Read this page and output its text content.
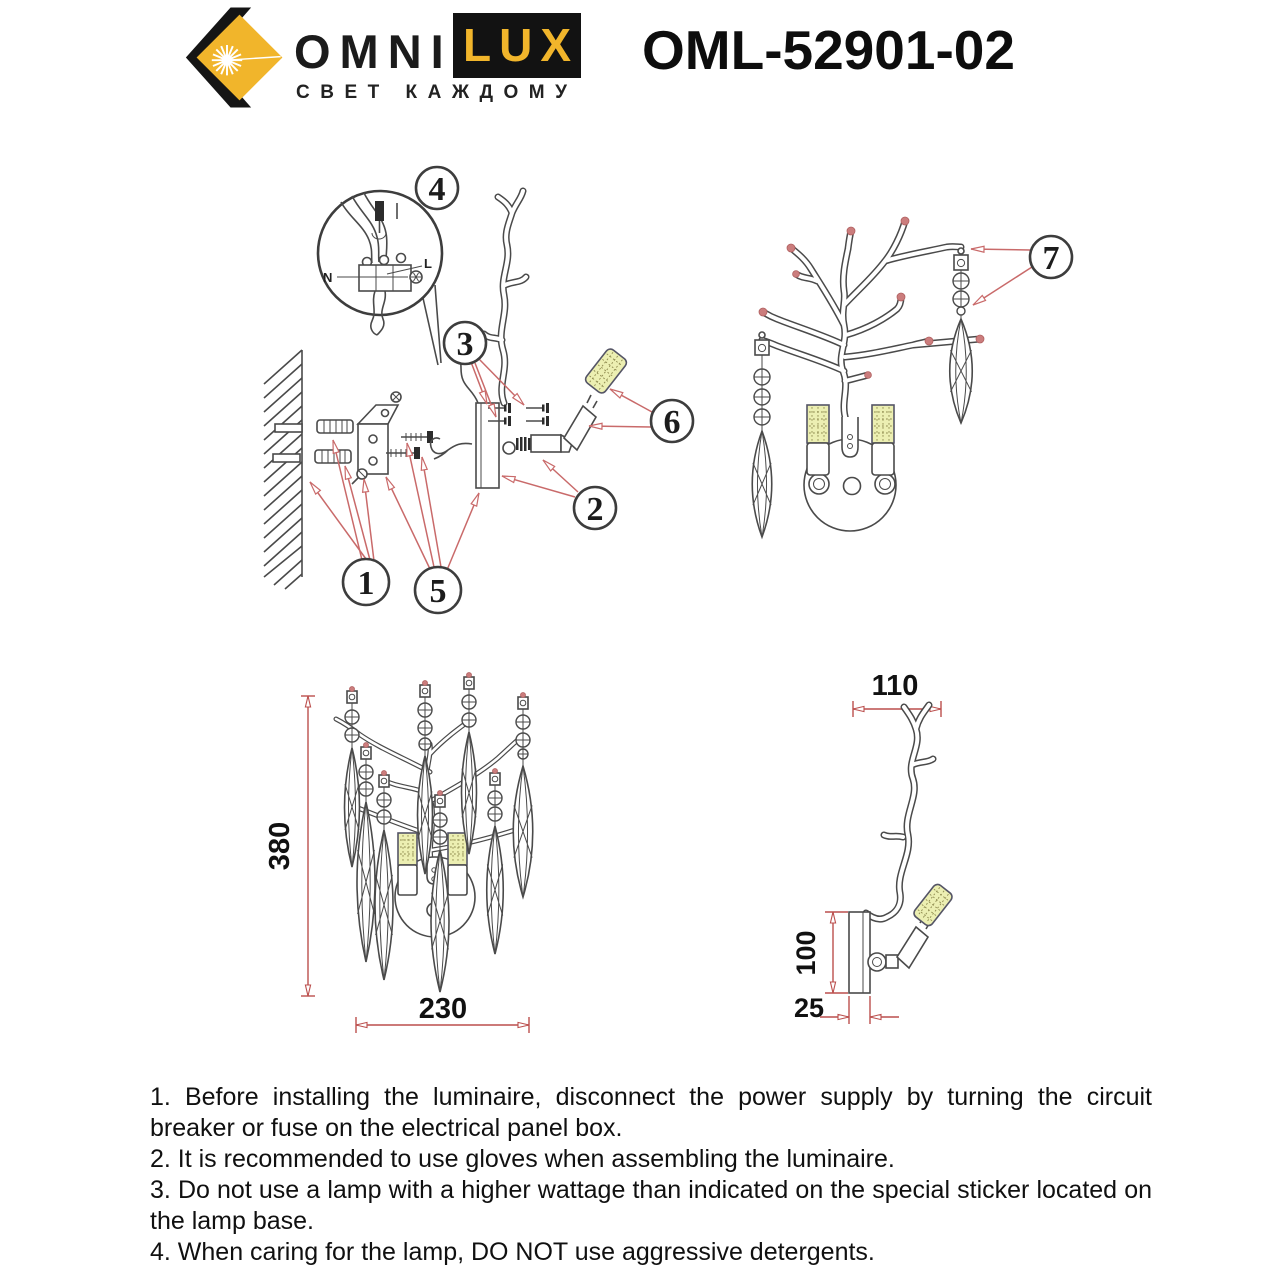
OMNI LUX
СВЕТ КАЖДОМУ
OML-52901-02
N
L
4
3
6
2
1 5
7
380
230
110
100
25

1. Before installing the luminaire, disconnect the power supply by turning the circuit breaker or fuse on the electrical panel box.

2. It is recommended to use gloves when assembling the luminaire.

3. Do not use a lamp with a higher wattage than indicated on the special sticker located on the lamp base.

4. When caring for the lamp, DO NOT use aggressive detergents.
